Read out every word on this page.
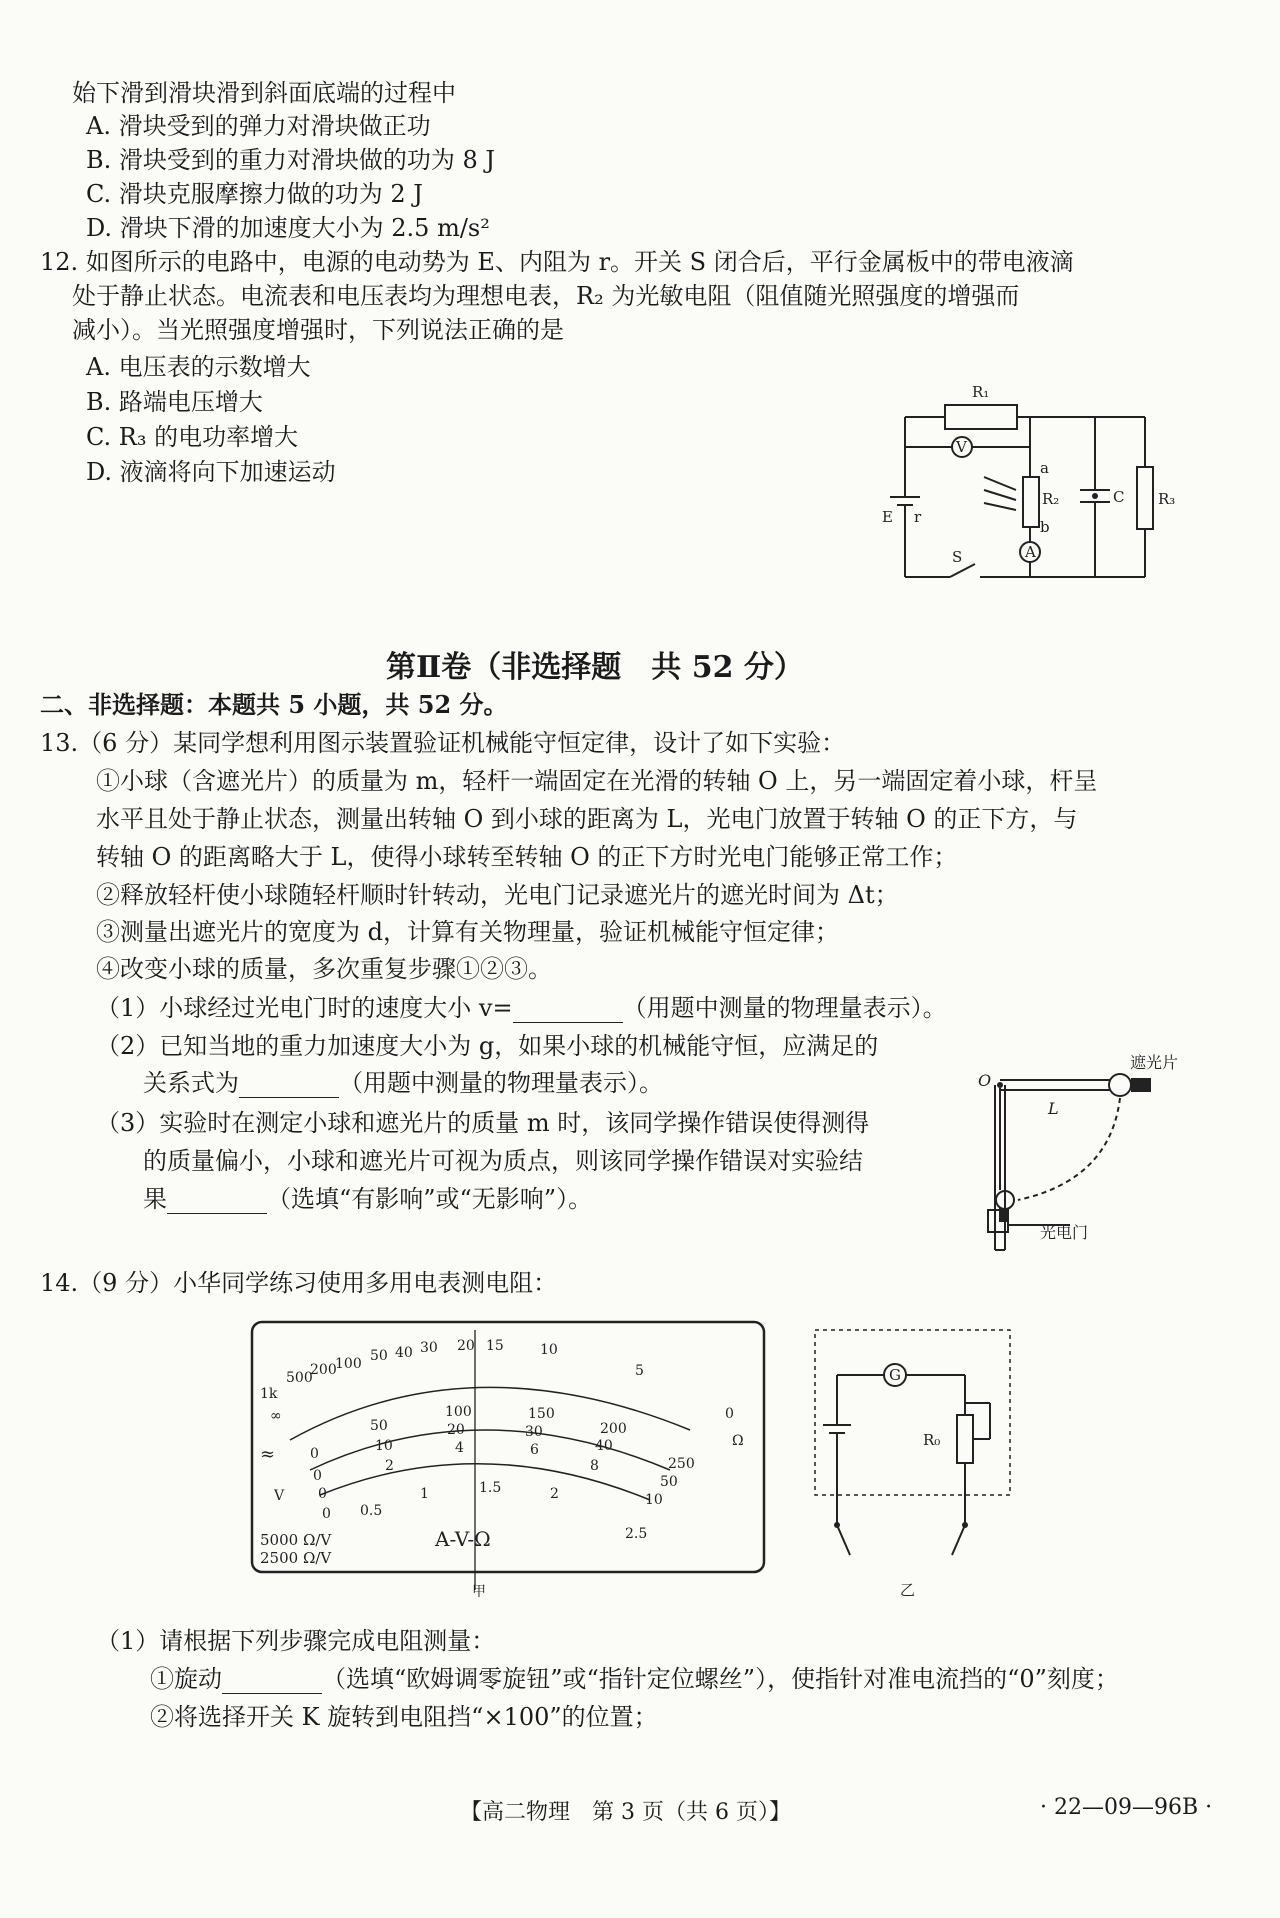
始下滑到滑块滑到斜面底端的过程中
A. 滑块受到的弹力对滑块做正功
B. 滑块受到的重力对滑块做的功为 8 J
C. 滑块克服摩擦力做的功为 2 J
D. 滑块下滑的加速度大小为 2.5 m/s²
12. 如图所示的电路中，电源的电动势为 E、内阻为 r。开关 S 闭合后，平行金属板中的带电液滴
处于静止状态。电流表和电压表均为理想电表，R₂ 为光敏电阻（阻值随光照强度的增强而
减小）。当光照强度增强时，下列说法正确的是
A. 电压表的示数增大
B. 路端电压增大
C. R₃ 的电功率增大
D. 液滴将向下加速运动
R₁
V
R₂
a
b
E r
A
S
C R₃
第Ⅱ卷（非选择题　共 52 分）
二、非选择题：本题共 5 小题，共 52 分。
13.（6 分）某同学想利用图示装置验证机械能守恒定律，设计了如下实验：
①小球（含遮光片）的质量为 m，轻杆一端固定在光滑的转轴 O 上，另一端固定着小球，杆呈
水平且处于静止状态，测量出转轴 O 到小球的距离为 L，光电门放置于转轴 O 的正下方，与
转轴 O 的距离略大于 L，使得小球转至转轴 O 的正下方时光电门能够正常工作；
②释放轻杆使小球随轻杆顺时针转动，光电门记录遮光片的遮光时间为 Δt；
③测量出遮光片的宽度为 d，计算有关物理量，验证机械能守恒定律；
④改变小球的质量，多次重复步骤①②③。
（1）小球经过光电门时的速度大小 v=	（用题中测量的物理量表示）。
（2）已知当地的重力加速度大小为 g，如果小球的机械能守恒，应满足的
关系式为	（用题中测量的物理量表示）。
（3）实验时在测定小球和遮光片的质量 m 时，该同学操作错误使得测得
的质量偏小，小球和遮光片可视为质点，则该同学操作错误对实验结
果	（选填“有影响”或“无影响”）。
O
L
遮光片
光电门
14.（9 分）小华同学练习使用多用电表测电阻：
∞
1k
500
200
100 50 40 30 20 15	10
5
0
Ω
0
50
100	150
200
250
0
10
20	30
40
50
0
2
4	6
8
10
0 0.5
1	1.5	2
2.5
≈
V
A-V-Ω
5000 Ω/V
2500 Ω/V
甲
G
R₀
乙
（1）请根据下列步骤完成电阻测量：
①旋动	（选填“欧姆调零旋钮”或“指针定位螺丝”），使指针对准电流挡的“0”刻度；
②将选择开关 K 旋转到电阻挡“×100”的位置；
【高二物理　第 3 页（共 6 页）】	· 22—09—96B ·
